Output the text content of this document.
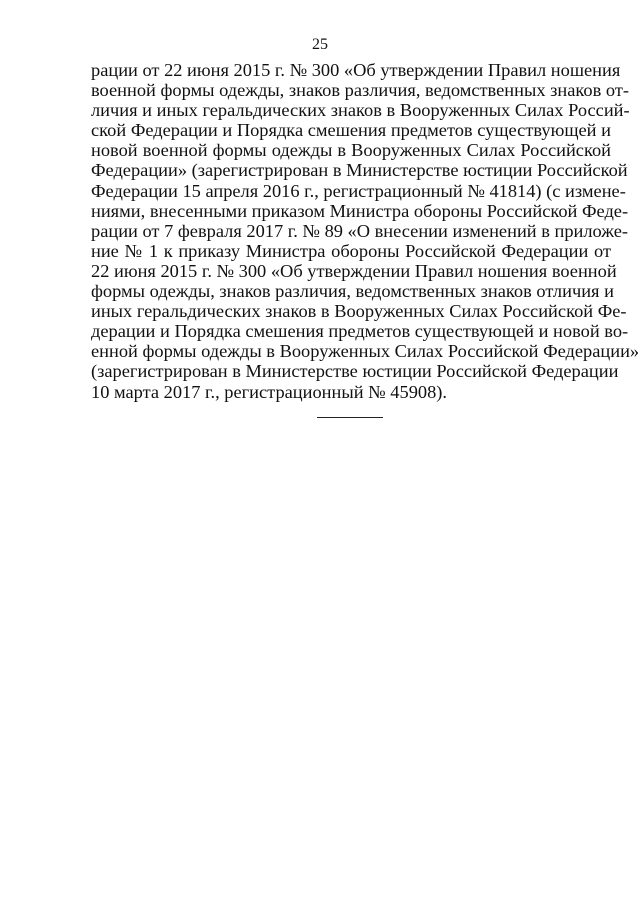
25
рации от 22 июня 2015 г. № 300 «Об утверждении Правил ношения
военной формы одежды, знаков различия, ведомственных знаков от-
личия и иных геральдических знаков в Вооруженных Силах Россий-
ской Федерации и Порядка смешения предметов существующей и
новой военной формы одежды в Вооруженных Силах Российской
Федерации» (зарегистрирован в Министерстве юстиции Российской
Федерации 15 апреля 2016 г., регистрационный № 41814) (с измене-
ниями, внесенными приказом Министра обороны Российской Феде-
рации от 7 февраля 2017 г. № 89 «О внесении изменений в приложе-
ние № 1 к приказу Министра обороны Российской Федерации от
22 июня 2015 г. № 300 «Об утверждении Правил ношения военной
формы одежды, знаков различия, ведомственных знаков отличия и
иных геральдических знаков в Вооруженных Силах Российской Фе-
дерации и Порядка смешения предметов существующей и новой во-
енной формы одежды в Вооруженных Силах Российской Федерации»
(зарегистрирован в Министерстве юстиции Российской Федерации
10 марта 2017 г., регистрационный № 45908).
